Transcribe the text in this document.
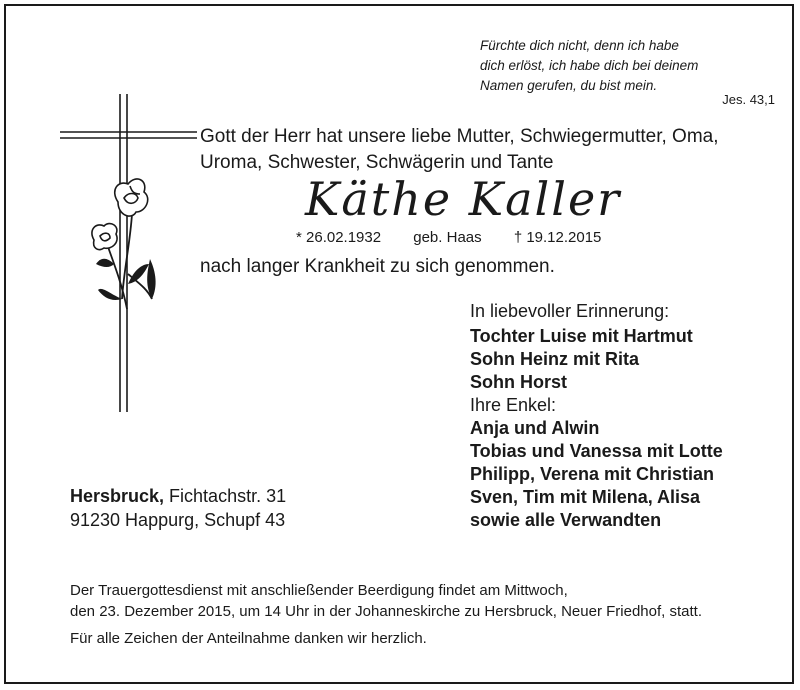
Fürchte dich nicht, denn ich habe
dich erlöst, ich habe dich bei deinem
Namen gerufen, du bist mein.
Jes. 43,1
Gott der Herr hat unsere liebe Mutter, Schwiegermutter, Oma,
Uroma, Schwester, Schwägerin und Tante
Käthe Kaller
* 26.02.1932 geb. Haas † 19.12.2015
nach langer Krankheit zu sich genommen.
In liebevoller Erinnerung:
Tochter Luise mit Hartmut
Sohn Heinz mit Rita
Sohn Horst
Ihre Enkel:
Anja und Alwin
Tobias und Vanessa mit Lotte
Philipp, Verena mit Christian
Sven, Tim mit Milena, Alisa
sowie alle Verwandten
Hersbruck, Fichtachstr. 31
91230 Happurg, Schupf 43
Der Trauergottesdienst mit anschließender Beerdigung findet am Mittwoch,
den 23. Dezember 2015, um 14 Uhr in der Johanneskirche zu Hersbruck, Neuer Friedhof, statt.
Für alle Zeichen der Anteilnahme danken wir herzlich.
